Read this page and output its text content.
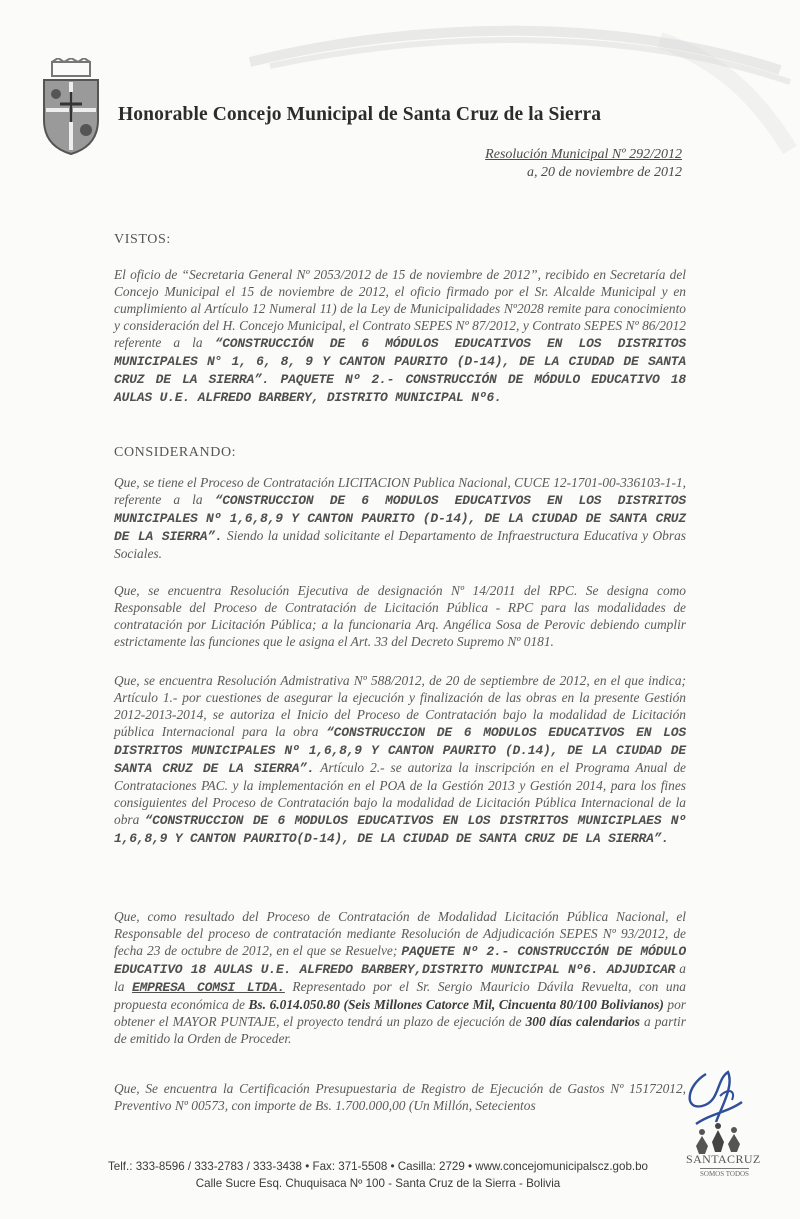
Honorable Concejo Municipal de Santa Cruz de la Sierra
Resolución Municipal Nº 292/2012
a, 20 de noviembre de 2012
VISTOS:

El oficio de “Secretaria General Nº 2053/2012 de 15 de noviembre de 2012”, recibido en Secretaría del Concejo Municipal el 15 de noviembre de 2012, el oficio firmado por el Sr. Alcalde Municipal y en cumplimiento al Artículo 12 Numeral 11) de la Ley de Municipalidades Nº2028 remite para conocimiento y consideración del H. Concejo Municipal, el Contrato SEPES Nº 87/2012, y Contrato SEPES Nº 86/2012 referente a la “CONSTRUCCIÓN DE 6 MÓDULOS EDUCATIVOS EN LOS DISTRITOS MUNICIPALES N° 1, 6, 8, 9 Y CANTON PAURITO (D-14), DE LA CIUDAD DE SANTA CRUZ DE LA SIERRA”. PAQUETE Nº 2.- CONSTRUCCIÓN DE MÓDULO EDUCATIVO 18 AULAS U.E. ALFREDO BARBERY, DISTRITO MUNICIPAL Nº6.

CONSIDERANDO:

Que, se tiene el Proceso de Contratación LICITACION Publica Nacional, CUCE 12-1701-00-336103-1-1, referente a la “CONSTRUCCION DE 6 MODULOS EDUCATIVOS EN LOS DISTRITOS MUNICIPALES Nº 1,6,8,9 Y CANTON PAURITO (D-14), DE LA CIUDAD DE SANTA CRUZ DE LA SIERRA”. Siendo la unidad solicitante el Departamento de Infraestructura Educativa y Obras Sociales.

Que, se encuentra Resolución Ejecutiva de designación Nº 14/2011 del RPC. Se designa como Responsable del Proceso de Contratación de Licitación Pública - RPC para las modalidades de contratación por Licitación Pública; a la funcionaria Arq. Angélica Sosa de Perovic debiendo cumplir estrictamente las funciones que le asigna el Art. 33 del Decreto Supremo Nº 0181.

Que, se encuentra Resolución Admistrativa Nº 588/2012, de 20 de septiembre de 2012, en el que indica; Artículo 1.- por cuestiones de asegurar la ejecución y finalización de las obras en la presente Gestión 2012-2013-2014, se autoriza el Inicio del Proceso de Contratación bajo la modalidad de Licitación pública Internacional para la obra “CONSTRUCCION DE 6 MODULOS EDUCATIVOS EN LOS DISTRITOS MUNICIPALES Nº 1,6,8,9 Y CANTON PAURITO (D.14), DE LA CIUDAD DE SANTA CRUZ DE LA SIERRA”. Artículo 2.- se autoriza la inscripción en el Programa Anual de Contrataciones PAC. y la implementación en el POA de la Gestión 2013 y Gestión 2014, para los fines consiguientes del Proceso de Contratación bajo la modalidad de Licitación Pública Internacional de la obra “CONSTRUCCION DE 6 MODULOS EDUCATIVOS EN LOS DISTRITOS MUNICIPLAES Nº 1,6,8,9 Y CANTON PAURITO(D-14), DE LA CIUDAD DE SANTA CRUZ DE LA SIERRA”.

Que, como resultado del Proceso de Contratación de Modalidad Licitación Pública Nacional, el Responsable del proceso de contratación mediante Resolución de Adjudicación SEPES Nº 93/2012, de fecha 23 de octubre de 2012, en el que se Resuelve; PAQUETE Nº 2.- CONSTRUCCIÓN DE MÓDULO EDUCATIVO 18 AULAS U.E. ALFREDO BARBERY,DISTRITO MUNICIPAL Nº6. ADJUDICAR a la EMPRESA COMSI LTDA. Representado por el Sr. Sergio Mauricio Dávila Revuelta, con una propuesta económica de Bs. 6.014.050.80 (Seis Millones Catorce Mil, Cincuenta 80/100 Bolivianos) por obtener el MAYOR PUNTAJE, el proyecto tendrá un plazo de ejecución de 300 días calendarios a partir de emitido la Orden de Proceder.

Que, Se encuentra la Certificación Presupuestaria de Registro de Ejecución de Gastos Nº 15172012, Preventivo Nº 00573, con importe de Bs. 1.700.000,00 (Un Millón, Setecientos

SANTACRUZ
SOMOS TODOS
Telf.: 333-8596 / 333-2783 / 333-3438 • Fax: 371-5508 • Casilla: 2729 • www.concejomunicipalscz.gob.bo
Calle Sucre Esq. Chuquisaca Nº 100 - Santa Cruz de la Sierra - Bolivia
